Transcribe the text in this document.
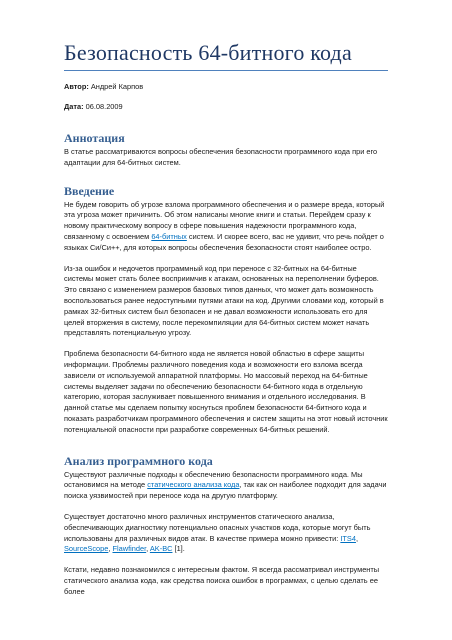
Безопасность 64-битного кода

Автор: Андрей Карпов

Дата: 06.08.2009

Аннотация

В статье рассматриваются вопросы обеспечения безопасности программного кода при его адаптации для 64-битных систем.

Введение

Не будем говорить об угрозе взлома программного обеспечения и о размере вреда, который эта угроза может причинить. Об этом написаны многие книги и статьи. Перейдем сразу к новому практическому вопросу в сфере повышения надежности программного кода, связанному с освоением 64-битных систем. И скорее всего, вас не удивит, что речь пойдет о языках Си/Си++, для которых вопросы обеспечения безопасности стоят наиболее остро.

Из-за ошибок и недочетов программный код при переносе с 32-битных на 64-битные системы может стать более восприимчив к атакам, основанных на переполнении буферов. Это связано с изменением размеров базовых типов данных, что может дать возможность воспользоваться ранее недоступными путями атаки на код. Другими словами код, который в рамках 32-битных систем был безопасен и не давал возможности использовать его для целей вторжения в систему, после перекомпиляции для 64-битных систем может начать представлять потенциальную угрозу.

Проблема безопасности 64-битного кода не является новой областью в сфере защиты информации. Проблемы различного поведения кода и возможности его взлома всегда зависели от используемой аппаратной платформы. Но массовый переход на 64-битные системы выделяет задачи по обеспечению безопасности 64-битного кода в отдельную категорию, которая заслуживает повышенного внимания и отдельного исследования. В данной статье мы сделаем попытку коснуться проблем безопасности 64-битного кода и показать разработчикам программного обеспечения и систем защиты на этот новый источник потенциальной опасности при разработке современных 64-битных решений.

Анализ программного кода

Существуют различные подходы к обеспечению безопасности программного кода. Мы остановимся на методе статического анализа кода, так как он наиболее подходит для задачи поиска уязвимостей при переносе кода на другую платформу.

Существует достаточно много различных инструментов статического анализа, обеспечивающих диагностику потенциально опасных участков кода, которые могут быть использованы для различных видов атак. В качестве примера можно привести: ITS4, SourceScope, Flawfinder, AK-BC [1].

Кстати, недавно познакомился с интересным фактом. Я всегда рассматривал инструменты статического анализа кода, как средства поиска ошибок в программах, с целью сделать ее более
